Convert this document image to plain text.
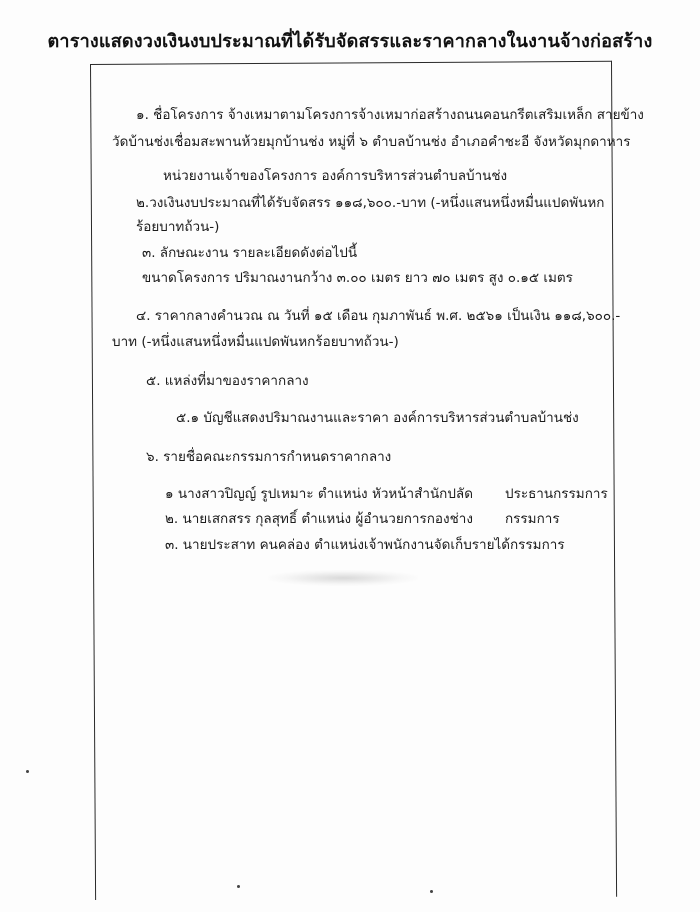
ตารางแสดงวงเงินงบประมาณที่ได้รับจัดสรรและราคากลางในงานจ้างก่อสร้าง
๑. ชื่อโครงการ จ้างเหมาตามโครงการจ้างเหมาก่อสร้างถนนคอนกรีตเสริมเหล็ก สายข้าง
วัดบ้านช่งเชื่อมสะพานห้วยมุกบ้านช่ง หมู่ที่ ๖ ตำบลบ้านช่ง อำเภอคำชะอี จังหวัดมุกดาหาร
หน่วยงานเจ้าของโครงการ องค์การบริหารส่วนตำบลบ้านช่ง
๒.วงเงินงบประมาณที่ได้รับจัดสรร ๑๑๘,๖๐๐.-บาท (-หนึ่งแสนหนึ่งหมื่นแปดพันหก
ร้อยบาทถ้วน-)
๓. ลักษณะงาน รายละเอียดดังต่อไปนี้
ขนาดโครงการ ปริมาณงานกว้าง ๓.๐๐ เมตร ยาว ๗๐ เมตร สูง ๐.๑๕ เมตร
๔. ราคากลางคำนวณ ณ วันที่ ๑๕ เดือน กุมภาพันธ์ พ.ศ. ๒๕๖๑ เป็นเงิน ๑๑๘,๖๐๐.-
บาท (-หนึ่งแสนหนึ่งหมื่นแปดพันหกร้อยบาทถ้วน-)
๕. แหล่งที่มาของราคากลาง
๕.๑ บัญชีแสดงปริมาณงานและราคา องค์การบริหารส่วนตำบลบ้านช่ง
๖. รายชื่อคณะกรรมการกำหนดราคากลาง
๑ นางสาวปิญญ์ รูปเหมาะ ตำแหน่ง หัวหน้าสำนักปลัด ประธานกรรมการ
๒. นายเสกสรร กุลสุทธิ์ ตำแหน่ง ผู้อำนวยการกองช่าง กรรมการ
๓. นายประสาท คนคล่อง ตำแหน่งเจ้าพนักงานจัดเก็บรายได้ กรรมการ
